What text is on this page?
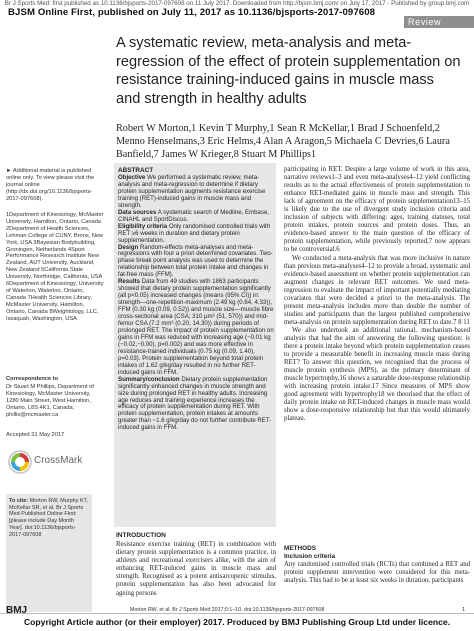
Br J Sports Med: first published as 10.1136/bjsports-2017-097608 on 11 July 2017. Downloaded from http://bjsm.bmj.com/ on July 17, 2017 - Published by group.bmj.com
BJSM Online First, published on July 11, 2017 as 10.1136/bjsports-2017-097608
Review
A systematic review, meta-analysis and meta-regression of the effect of protein supplementation on resistance training-induced gains in muscle mass and strength in healthy adults
Robert W Morton,1 Kevin T Murphy,1 Sean R McKellar,1 Brad J Schoenfeld,2 Menno Henselmans,3 Eric Helms,4 Alan A Aragon,5 Michaela C Devries,6 Laura Banfield,7 James W Krieger,8 Stuart M Phillips1
► Additional material is published online only. To view please visit the journal online (http://dx.doi.org/10.1136/bjsports-2017-097608).
1Department of Kinesiology, McMaster University, Hamilton, Ontario, Canada 2Department of Health Sciences, Lehman College of CUNY, Bronx, New York, USA 3Bayesian Bodybuilding, Groningen, Netherlands 4Sport Performance Research Institute New Zealand, AUT University, Auckland, New Zealand 5California State University, Northridge, California, USA 6Department of Kinesiology, University of Waterloo, Waterloo, Ontario, Canada 7Health Sciences Library, McMaster University, Hamilton, Ontario, Canada 8Weightology, LLC, Issaquah, Washington, USA
Correspondence to
Dr Stuart M Phillips, Department of Kinesiology, McMaster University, 1280 Main Street, West Hamilton, Ontario, L8S 4K1, Canada; phillis@mcmaster.ca
Accepted 31 May 2017
CrossMark
To cite: Morton RW, Murphy KT, McKellar SR, et al. Br J Sports Med Published Online First: [please include Day Month Year]. doi:10.1136/bjsports-2017-097608
ABSTRACT
Objective We performed a systematic review, meta-analysis and meta-regression to determine if dietary protein supplementation augments resistance exercise training (RET)-induced gains in muscle mass and strength.
Data sources A systematic search of Medline, Embase, CINAHL and SportDiscus.
Eligibility criteria Only randomised controlled trials with RET ≥6 weeks in duration and dietary protein supplementation.
Design Random-effects meta-analyses and meta-regressions with four a priori determined covariates. Two-phase break point analysis was used to determine the relationship between total protein intake and changes in fat-free mass (FFM).
Results Data from 49 studies with 1863 participants showed that dietary protein supplementation significantly (all p<0.05) increased changes (means (95% CI)) in: strength—one-repetition-maximum (2.49 kg (0.64, 4.33)), FFM (0.30 kg (0.09, 0.52)) and muscle size—muscle fibre cross-sectional area (CSA; 310 μm² (51, 570)) and mid-femur CSA (7.2 mm² (0.20, 14.30)) during periods of prolonged RET. The impact of protein supplementation on gains in FFM was reduced with increasing age (−0.01 kg (−0.02,−0.00), p=0.002) and was more effective in resistance-trained individuals (0.75 kg (0.09, 1.40), p=0.03). Protein supplementation beyond total protein intakes of 1.62 g/kg/day resulted in no further RET-induced gains in FFM.
Summary/conclusion Dietary protein supplementation significantly enhanced changes in muscle strength and size during prolonged RET in healthy adults. Increasing age reduces and training experience increases the efficacy of protein supplementation during RET. With protein supplementation, protein intakes at amounts greater than ~1.6 g/kg/day do not further contribute RET-induced gains in FFM.
INTRODUCTION
Resistance exercise training (RET) in combination with dietary protein supplementation is a common practice, in athletes and recreational exercisers alike, with the aim of enhancing RET-induced gains in muscle mass and strength. Recognised as a potent antisarcopenic stimulus, protein supplementation has also been advocated for ageing persons

participating in RET. Despite a large volume of work in this area, narrative reviews1–3 and even meta-analyses4–12 yield conflicting results as to the actual effectiveness of protein supplementation to enhance RET-mediated gains in muscle mass and strength. This lack of agreement on the efficacy of protein supplementation13–15 is likely due to the use of divergent study inclusion criteria and inclusion of subjects with differing: ages, training statuses, total protein intakes, protein sources and protein doses. Thus, an evidence-based answer to the main question of the efficacy of protein supplementation, while previously reported,7 now appears to be controversial.6

We conducted a meta-analysis that was more inclusive in nature than previous meta-analyses4–12 to provide a broad, systematic and evidence-based assessment on whether protein supplementation can augment changes in relevant RET outcomes. We used meta-regression to evaluate the impact of important potentially mediating covariates that were decided a priori to the meta-analysis. The present meta-analysis includes more than double the number of studies and participants than the largest published comprehensive meta-analysis on protein supplementation during RET to date.7 8 11

We also undertook an additional rational, mechanism-based analysis that had the aim of answering the following question: is there a protein intake beyond which protein supplementation ceases to provide a measurable benefit in increasing muscle mass during RET? To answer this question, we recognised that the process of muscle protein synthesis (MPS), as the primary determinant of muscle hypertrophy,16 shows a saturable dose-response relationship with increasing protein intake.17 Since measures of MPS show good agreement with hypertrophy18 we theorised that the effect of daily protein intake on RET-induced changes in muscle mass would show a dose-responsive relationship but that this would ultimately plateau.

METHODS
Inclusion criteria
Any randomised controlled trials (RCTs) that combined a RET and protein supplement intervention were considered for this meta-analysis. This had to be at least six weeks in duration, participants
BMJ	Morton RW, et al. Br J Sports Med 2017;0:1–10. doi:10.1136/bjsports-2017-097608	1
Copyright Article author (or their employer) 2017. Produced by BMJ Publishing Group Ltd under licence.
